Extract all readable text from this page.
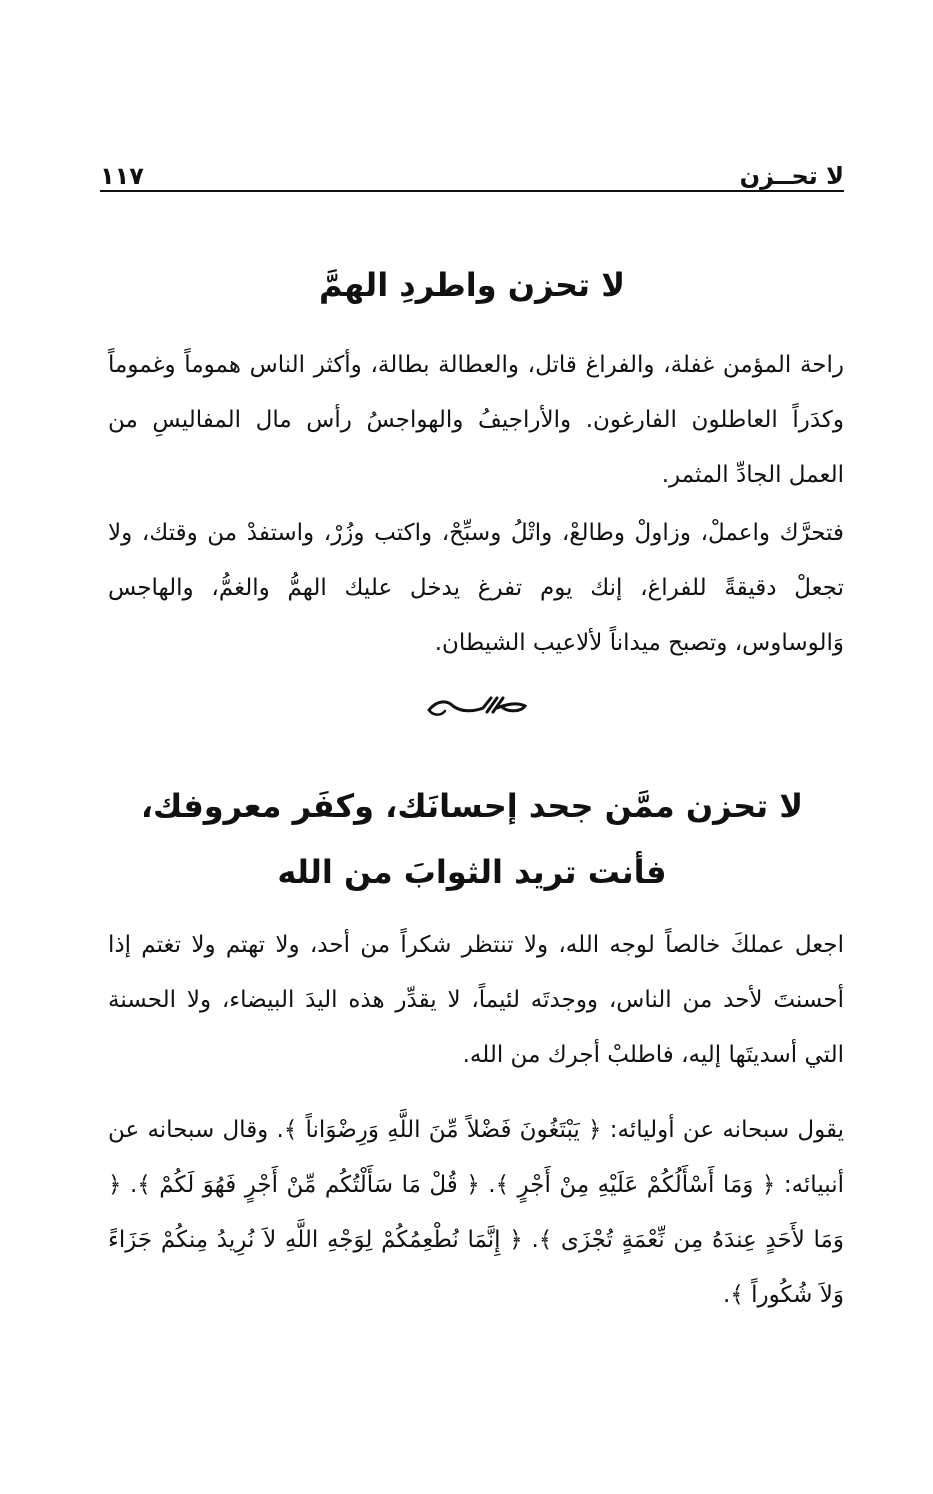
١١٧	لا تحــزن
لا تحزن واطردِ الهمَّ

راحة المؤمن غفلة، والفراغ قاتل، والعطالة بطالة، وأكثر الناس هموماً وغموماً وكدَراً العاطلون الفارغون. والأراجيفُ والهواجسُ رأس مال المفاليسِ من العمل الجادِّ المثمر.

فتحرَّك واعملْ، وزاولْ وطالعْ، واتْلُ وسبِّحْ، واكتب وزُرْ، واستفدْ من وقتك، ولا تجعلْ دقيقةً للفراغ، إنك يوم تفرغ يدخل عليك الهمُّ والغمُّ، والهاجس وَالوساوس، وتصبح ميداناً لألاعيب الشيطان.

لا تحزن ممَّن جحد إحسانَك، وكفَر معروفك،
فأنت تريد الثوابَ من الله

اجعل عملكَ خالصاً لوجه الله، ولا تنتظر شكراً من أحد، ولا تهتم ولا تغتم إذا أحسنتَ لأحد من الناس، ووجدتَه لئيماً، لا يقدِّر هذه اليدَ البيضاء، ولا الحسنة التي أسديتَها إليه، فاطلبْ أجرك من الله.

يقول سبحانه عن أوليائه: ﴿ يَبْتَغُونَ فَضْلاً مِّنَ اللَّهِ وَرِضْوَاناً ﴾. وقال سبحانه عن أنبيائه: ﴿ وَمَا أَسْأَلُكُمْ عَلَيْهِ مِنْ أَجْرٍ ﴾. ﴿ قُلْ مَا سَأَلْتُكُم مِّنْ أَجْرٍ فَهُوَ لَكُمْ ﴾. ﴿ وَمَا لأَحَدٍ عِندَهُ مِن نِّعْمَةٍ تُجْزَى ﴾. ﴿ إِنَّمَا نُطْعِمُكُمْ لِوَجْهِ اللَّهِ لاَ نُرِيدُ مِنكُمْ جَزَاءً وَلاَ شُكُوراً ﴾.
